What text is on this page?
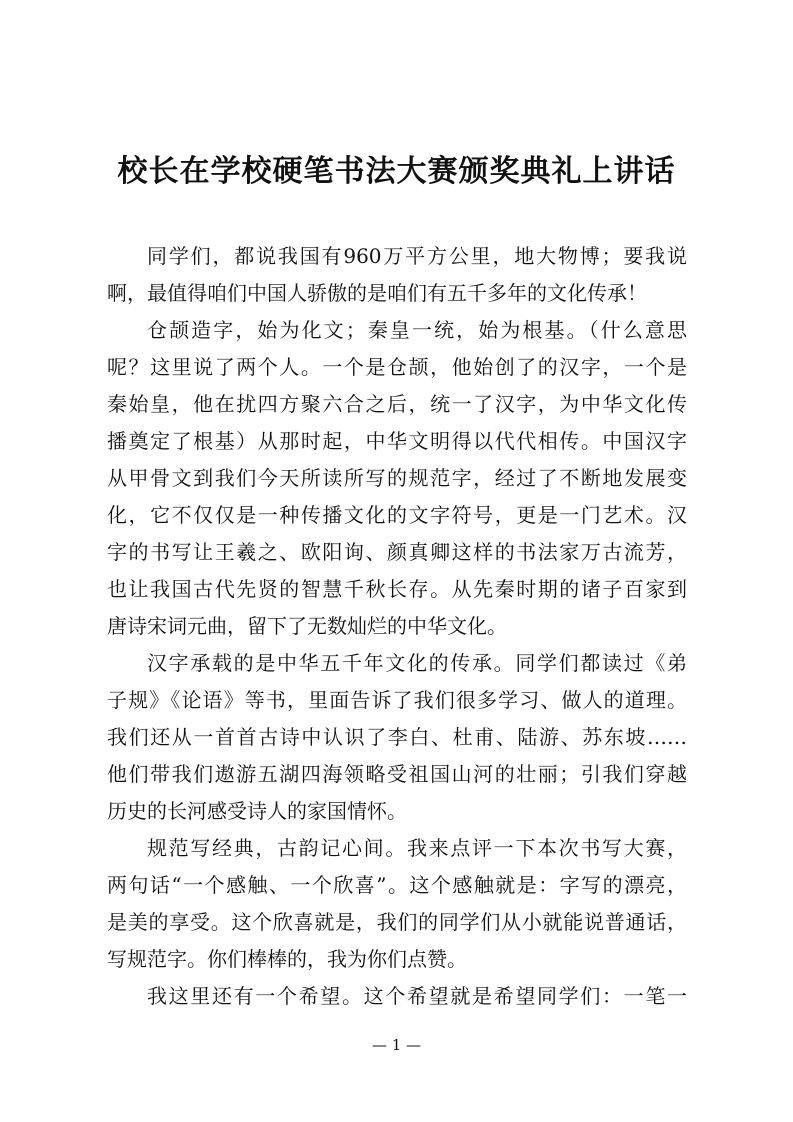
校长在学校硬笔书法大赛颁奖典礼上讲话
同学们，都说我国有960万平方公里，地大物博；要我说
啊，最值得咱们中国人骄傲的是咱们有五千多年的文化传承！
仓颉造字，始为化文；秦皇一统，始为根基。（什么意思
呢？这里说了两个人。一个是仓颉，他始创了的汉字，一个是
秦始皇，他在扰四方聚六合之后，统一了汉字，为中华文化传
播奠定了根基）从那时起，中华文明得以代代相传。中国汉字
从甲骨文到我们今天所读所写的规范字，经过了不断地发展变
化，它不仅仅是一种传播文化的文字符号，更是一门艺术。汉
字的书写让王羲之、欧阳询、颜真卿这样的书法家万古流芳，
也让我国古代先贤的智慧千秋长存。从先秦时期的诸子百家到
唐诗宋词元曲，留下了无数灿烂的中华文化。
汉字承载的是中华五千年文化的传承。同学们都读过《弟
子规》《论语》等书，里面告诉了我们很多学习、做人的道理。
我们还从一首首古诗中认识了李白、杜甫、陆游、苏东坡……
他们带我们遨游五湖四海领略受祖国山河的壮丽；引我们穿越
历史的长河感受诗人的家国情怀。
规范写经典，古韵记心间。我来点评一下本次书写大赛，
两句话“一个感触、一个欣喜”。这个感触就是：字写的漂亮，
是美的享受。这个欣喜就是，我们的同学们从小就能说普通话，
写规范字。你们棒棒的，我为你们点赞。
我这里还有一个希望。这个希望就是希望同学们：一笔一
— 1 —
